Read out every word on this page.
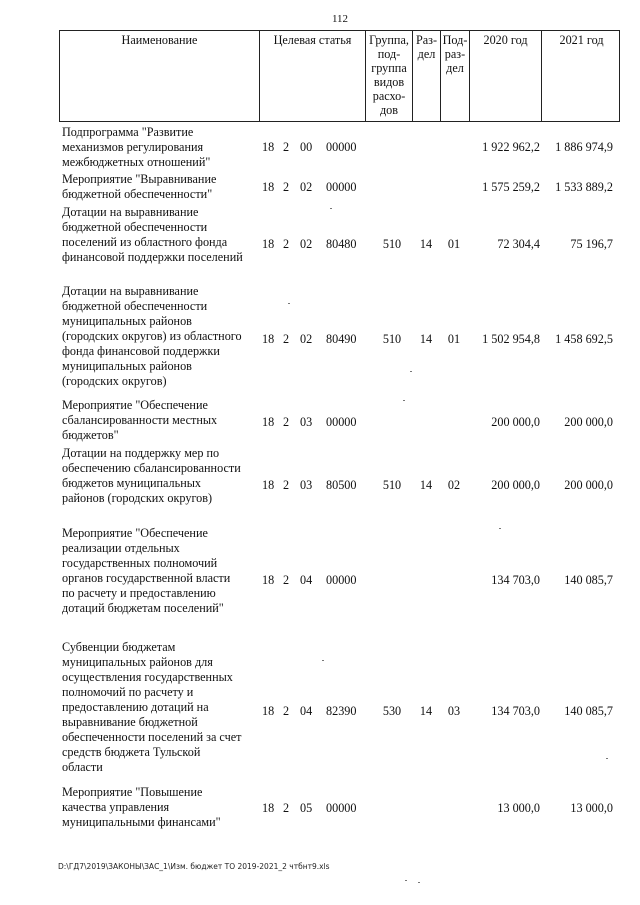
112
Наименование	Целевая статья	Группа,
под-
группа
видов
расхо-
дов
Раз-
дел
Под-
раз-
дел
2020 год	2021 год
Подпрограмма "Развитие
механизмов регулирования
межбюджетных отношений"
18 2 00	00000	1 922 962,2	1 886 974,9
Мероприятие "Выравнивание
бюджетной обеспеченности"	18 2 02	00000	1 575 259,2	1 533 889,2
Дотации на выравнивание
бюджетной обеспеченности
поселений из областного фонда
финансовой поддержки поселений
18 2 02	80480	510	14	01	72 304,4	75 196,7
Дотации на выравнивание
бюджетной обеспеченности
муниципальных районов
(городских округов) из областного
фонда финансовой поддержки
муниципальных районов
(городских округов)
18 2 02	80490	510	14	01	1 502 954,8	1 458 692,5
Мероприятие "Обеспечение
сбалансированности местных
бюджетов"
18 2 03	00000	200 000,0	200 000,0
Дотации на поддержку мер по
обеспечению сбалансированности
бюджетов муниципальных
районов (городских округов)
18 2 03	80500	510	14	02	200 000,0	200 000,0
Мероприятие "Обеспечение
реализации отдельных
государственных полномочий
органов государственной власти
по расчету и предоставлению
дотаций бюджетам поселений"
18 2 04	00000	134 703,0	140 085,7
Субвенции бюджетам
муниципальных районов для
осуществления государственных
полномочий по расчету и
предоставлению дотаций на
выравнивание бюджетной
обеспеченности поселений за счет
средств бюджета Тульской
области
18 2 04	82390	530	14	03	134 703,0	140 085,7
Мероприятие "Повышение
качества управления
муниципальными финансами"
18 2 05	00000	13 000,0	13 000,0
D:\ГД7\2019\ЗАКОНЫ\ЗАС_1\Изм. бюджет ТО 2019-2021_2 чтбнт9.xls
